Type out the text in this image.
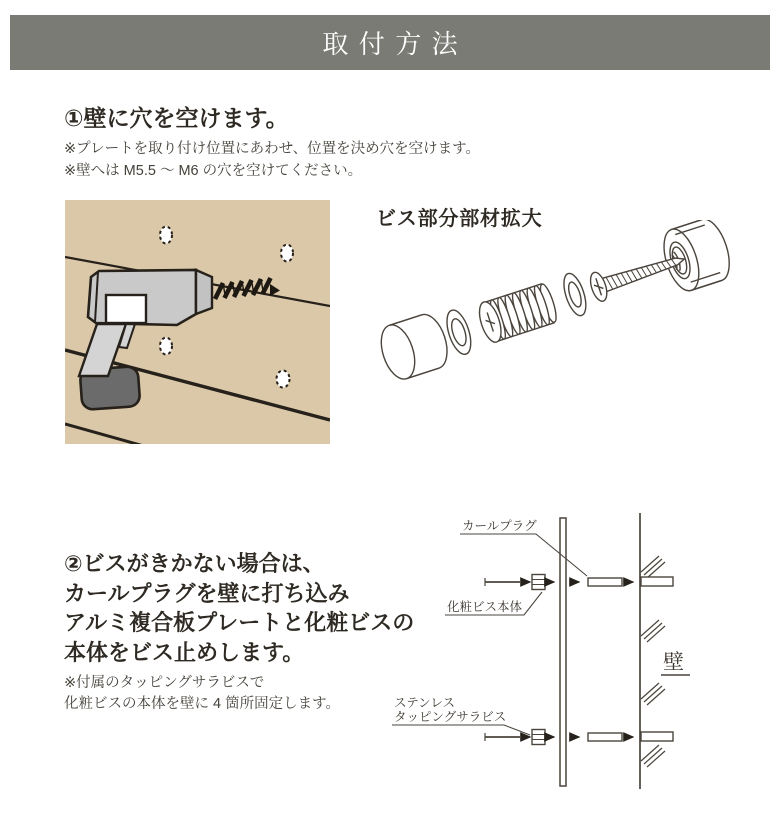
取付方法
①壁に穴を空けます。
※プレートを取り付け位置にあわせ、位置を決め穴を空けます。
※壁へは M5.5 ～ M6 の穴を空けてください。
ビス部分部材拡大
②ビスがきかない場合は、
カールプラグを壁に打ち込み
アルミ複合板プレートと化粧ビスの
本体をビス止めします。
※付属のタッピングサラビスで
化粧ビスの本体を壁に 4 箇所固定します。
カールプラグ
化粧ビス本体
ステンレス
タッピングサラビス
壁
